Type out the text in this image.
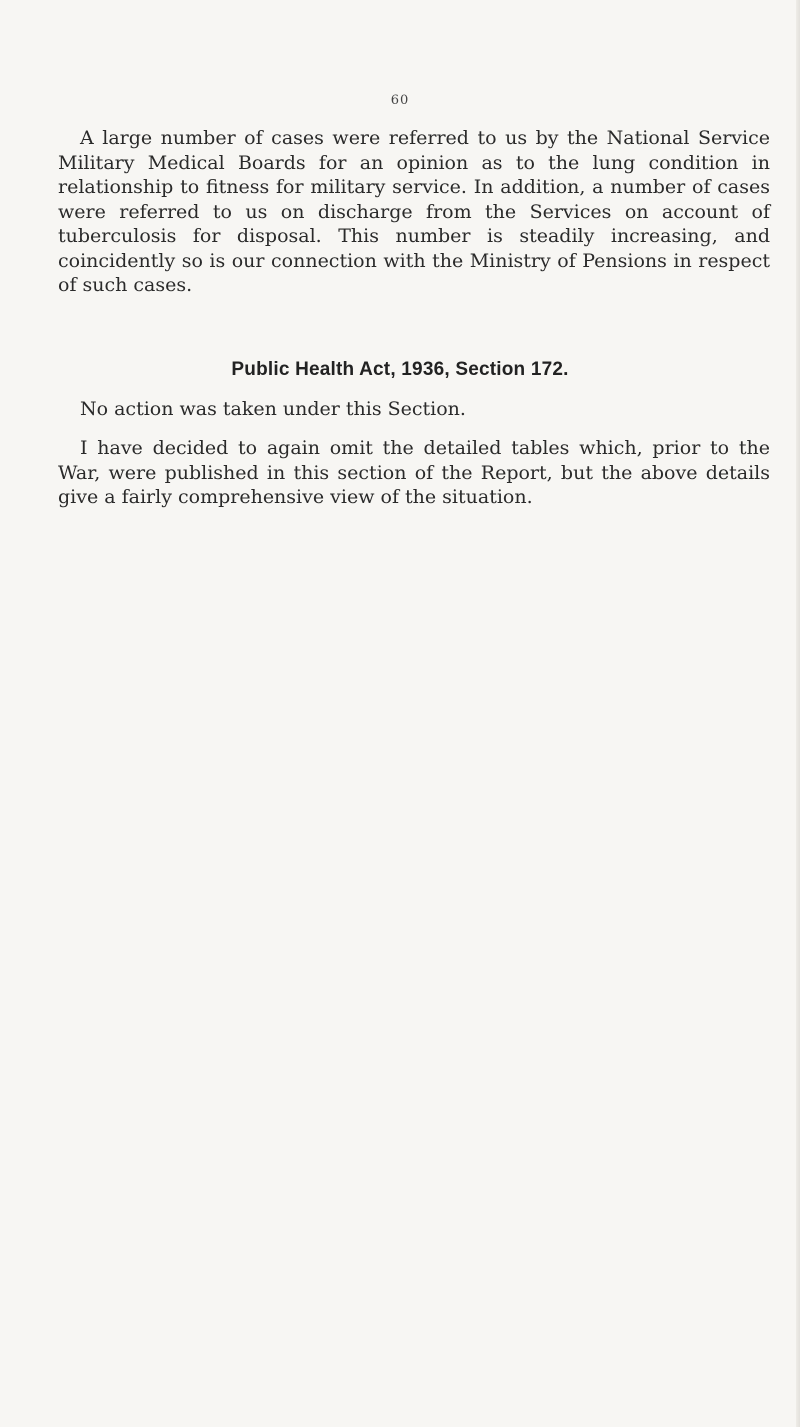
60

A large number of cases were referred to us by the National Service Military Medical Boards for an opinion as to the lung condition in relationship to fitness for military service. In addition, a number of cases were referred to us on discharge from the Services on account of tuberculosis for disposal. This number is steadily increasing, and coincidently so is our connection with the Ministry of Pensions in respect of such cases.

Public Health Act, 1936, Section 172.

No action was taken under this Section.

I have decided to again omit the detailed tables which, prior to the War, were published in this section of the Report, but the above details give a fairly comprehensive view of the situation.
